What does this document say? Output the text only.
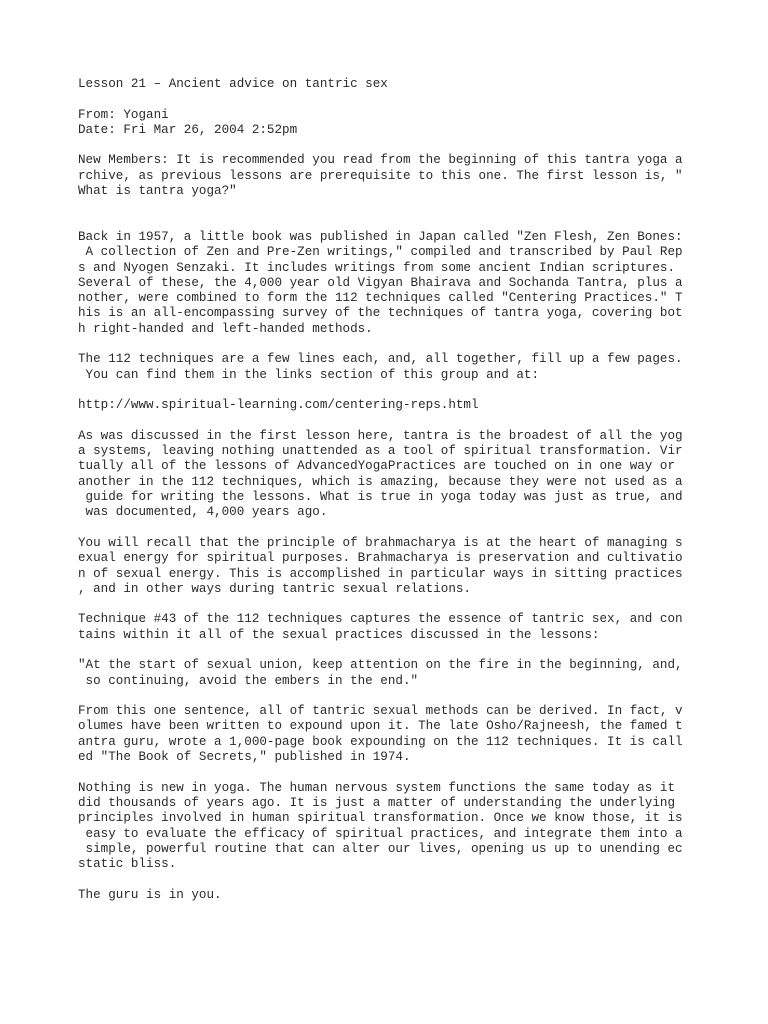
Lesson 21 – Ancient advice on tantric sex
From: Yogani
Date: Fri Mar 26, 2004 2:52pm
New Members: It is recommended you read from the beginning of this tantra yoga a
rchive, as previous lessons are prerequisite to this one. The first lesson is, "
What is tantra yoga?"
Back in 1957, a little book was published in Japan called "Zen Flesh, Zen Bones:
A collection of Zen and Pre-Zen writings," compiled and transcribed by Paul Rep
s and Nyogen Senzaki. It includes writings from some ancient Indian scriptures.
Several of these, the 4,000 year old Vigyan Bhairava and Sochanda Tantra, plus a
nother, were combined to form the 112 techniques called "Centering Practices." T
his is an all-encompassing survey of the techniques of tantra yoga, covering bot
h right-handed and left-handed methods.
The 112 techniques are a few lines each, and, all together, fill up a few pages.
You can find them in the links section of this group and at:
http://www.spiritual-learning.com/centering-reps.html
As was discussed in the first lesson here, tantra is the broadest of all the yog
a systems, leaving nothing unattended as a tool of spiritual transformation. Vir
tually all of the lessons of AdvancedYogaPractices are touched on in one way or
another in the 112 techniques, which is amazing, because they were not used as a
guide for writing the lessons. What is true in yoga today was just as true, and
was documented, 4,000 years ago.
You will recall that the principle of brahmacharya is at the heart of managing s
exual energy for spiritual purposes. Brahmacharya is preservation and cultivatio
n of sexual energy. This is accomplished in particular ways in sitting practices
, and in other ways during tantric sexual relations.
Technique #43 of the 112 techniques captures the essence of tantric sex, and con
tains within it all of the sexual practices discussed in the lessons:
"At the start of sexual union, keep attention on the fire in the beginning, and,
so continuing, avoid the embers in the end."
From this one sentence, all of tantric sexual methods can be derived. In fact, v
olumes have been written to expound upon it. The late Osho/Rajneesh, the famed t
antra guru, wrote a 1,000-page book expounding on the 112 techniques. It is call
ed "The Book of Secrets," published in 1974.
Nothing is new in yoga. The human nervous system functions the same today as it
did thousands of years ago. It is just a matter of understanding the underlying
principles involved in human spiritual transformation. Once we know those, it is
easy to evaluate the efficacy of spiritual practices, and integrate them into a
simple, powerful routine that can alter our lives, opening us up to unending ec
static bliss.
The guru is in you.
